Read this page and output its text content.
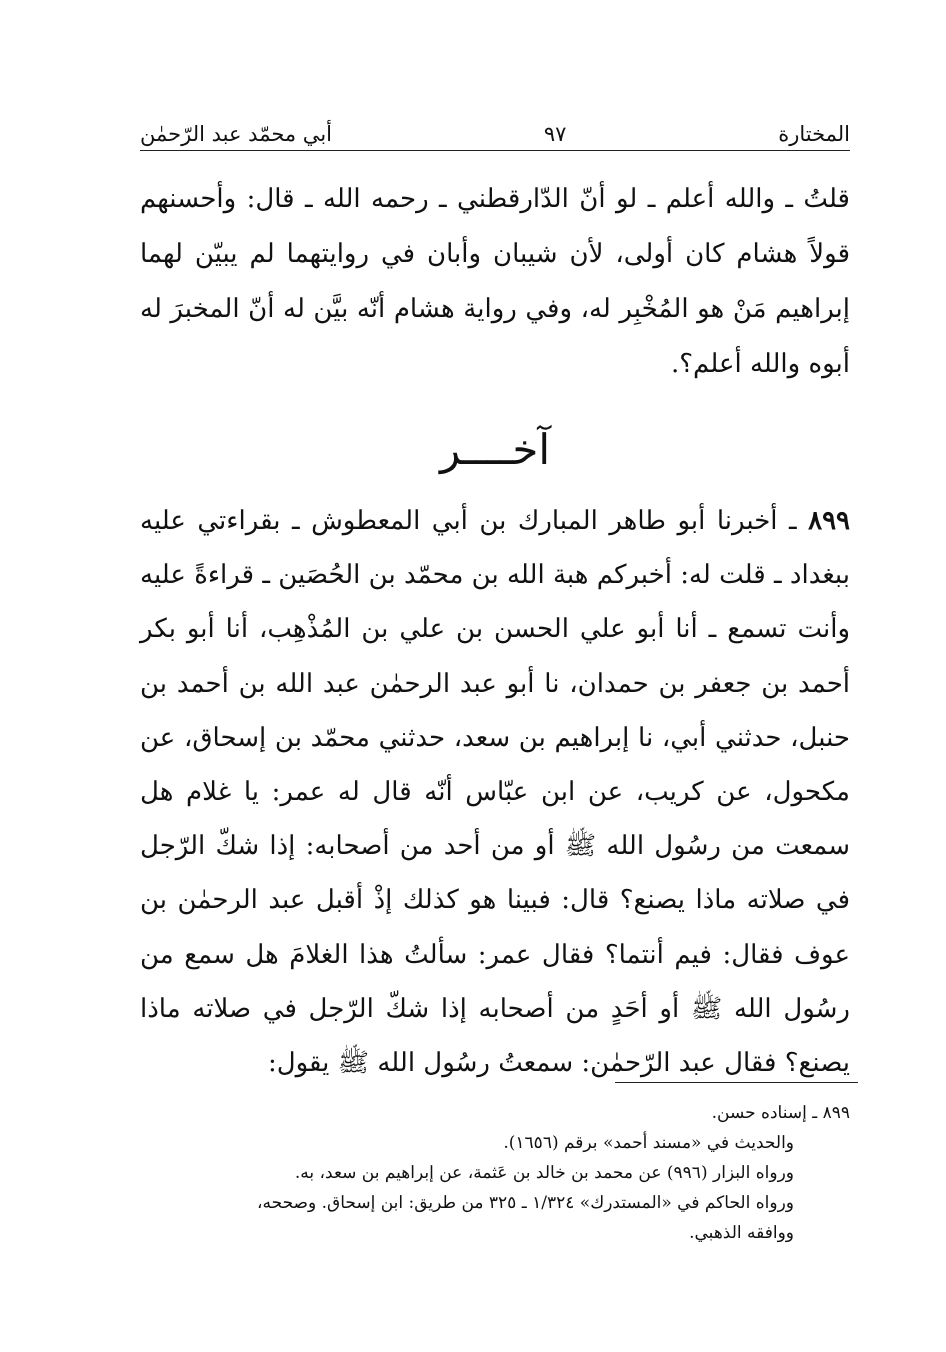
المختارة
٩٧
أبي محمّد عبد الرّحمٰن

قلتُ ـ والله أعلم ـ لو أنّ الدّارقطني ـ رحمه الله ـ قال: وأحسنهم قولاً هشام كان أولى، لأن شيبان وأبان في روايتهما لم يبيّن لهما إبراهيم مَنْ هو المُخْبِر له، وفي رواية هشام أنّه بيَّن له أنّ المخبرَ له أبوه والله أعلم؟.

آخــــر
٨٩٩ ـ أخبرنا أبو طاهر المبارك بن أبي المعطوش ـ بقراءتي عليه ببغداد ـ قلت له: أخبركم هبة الله بن محمّد بن الحُصَين ـ قراءةً عليه وأنت تسمع ـ أنا أبو علي الحسن بن علي بن المُذْهِب، أنا أبو بكر أحمد بن جعفر بن حمدان، نا أبو عبد الرحمٰن عبد الله بن أحمد بن حنبل، حدثني أبي، نا إبراهيم بن سعد، حدثني محمّد بن إسحاق، عن مكحول، عن كريب، عن ابن عبّاس أنّه قال له عمر: يا غلام هل سمعت من رسُول الله ﷺ أو من أحد من أصحابه: إذا شكّ الرّجل في صلاته ماذا يصنع؟ قال: فبينا هو كذلك إذْ أقبل عبد الرحمٰن بن عوف فقال: فيم أنتما؟ فقال عمر: سألتُ هذا الغلامَ هل سمع من رسُول الله ﷺ أو أحَدٍ من أصحابه إذا شكّ الرّجل في صلاته ماذا يصنع؟ فقال عبد الرّحمٰن: سمعتُ رسُول الله ﷺ يقول:
٨٩٩ ـ إسناده حسن.
والحديث في «مسند أحمد» برقم (١٦٥٦).
ورواه البزار (٩٩٦) عن محمد بن خالد بن عَثمة، عن إبراهيم بن سعد، به.
ورواه الحاكم في «المستدرك» ١/٣٢٤ ـ ٣٢٥ من طريق: ابن إسحاق. وصححه،
ووافقه الذهبي.
